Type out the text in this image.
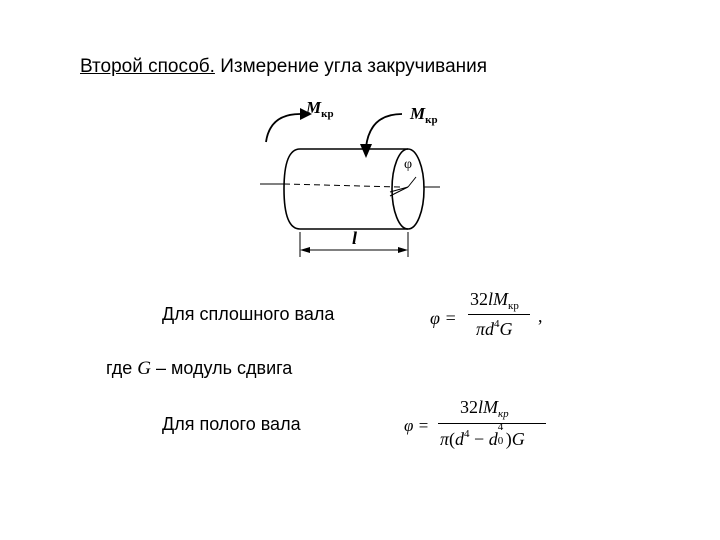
Второй способ. Измерение угла закручивания
$M_{кр}$	$M_{кр}$
φ
l
Для сплошного вала	φ =
$32lM_{кр}$
$\pi d^4G$
,
где G – модуль сдвига
Для полого вала	φ =
$32lM_{кр}$
$\pi(d^4 - d$
4
0 )G
